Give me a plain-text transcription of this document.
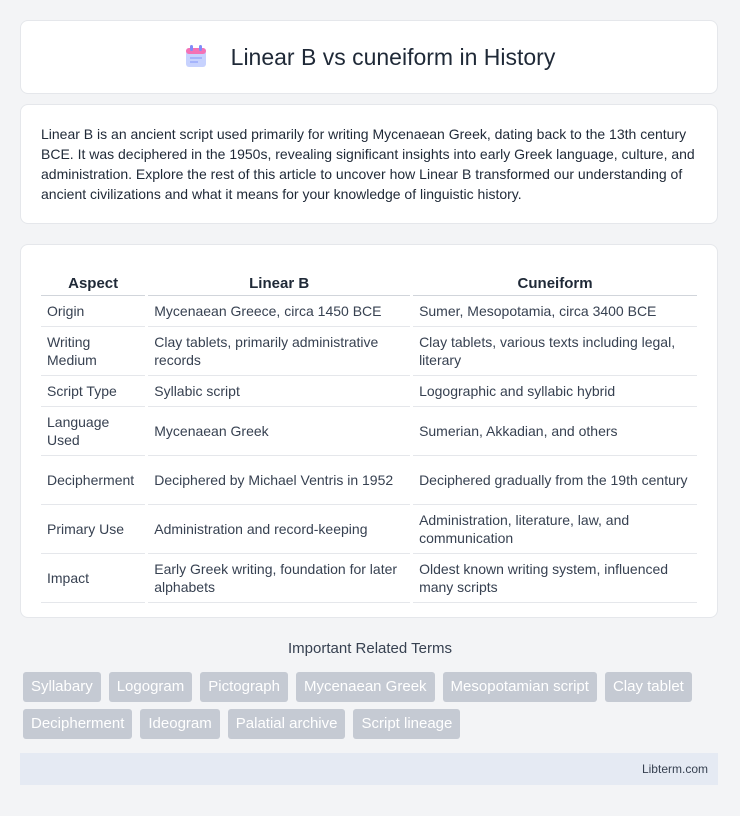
Linear B vs cuneiform in History

Linear B is an ancient script used primarily for writing Mycenaean Greek, dating back to the 13th century BCE. It was deciphered in the 1950s, revealing significant insights into early Greek language, culture, and administration. Explore the rest of this article to uncover how Linear B transformed our understanding of ancient civilizations and what it means for your knowledge of linguistic history.

Aspect	Linear B	Cuneiform
Origin	Mycenaean Greece, circa 1450 BCE	Sumer, Mesopotamia, circa 3400 BCE
Writing Medium	Clay tablets, primarily administrative records	Clay tablets, various texts including legal, literary
Script Type	Syllabic script	Logographic and syllabic hybrid
Language Used	Mycenaean Greek	Sumerian, Akkadian, and others
Decipherment	Deciphered by Michael Ventris in 1952	Deciphered gradually from the 19th century
Primary Use	Administration and record-keeping	Administration, literature, law, and communication
Impact	Early Greek writing, foundation for later alphabets	Oldest known writing system, influenced many scripts
Important Related Terms
Syllabary	Logogram	Pictograph	Mycenaean Greek	Mesopotamian script	Clay tablet
Decipherment	Ideogram	Palatial archive	Script lineage
Libterm.com
